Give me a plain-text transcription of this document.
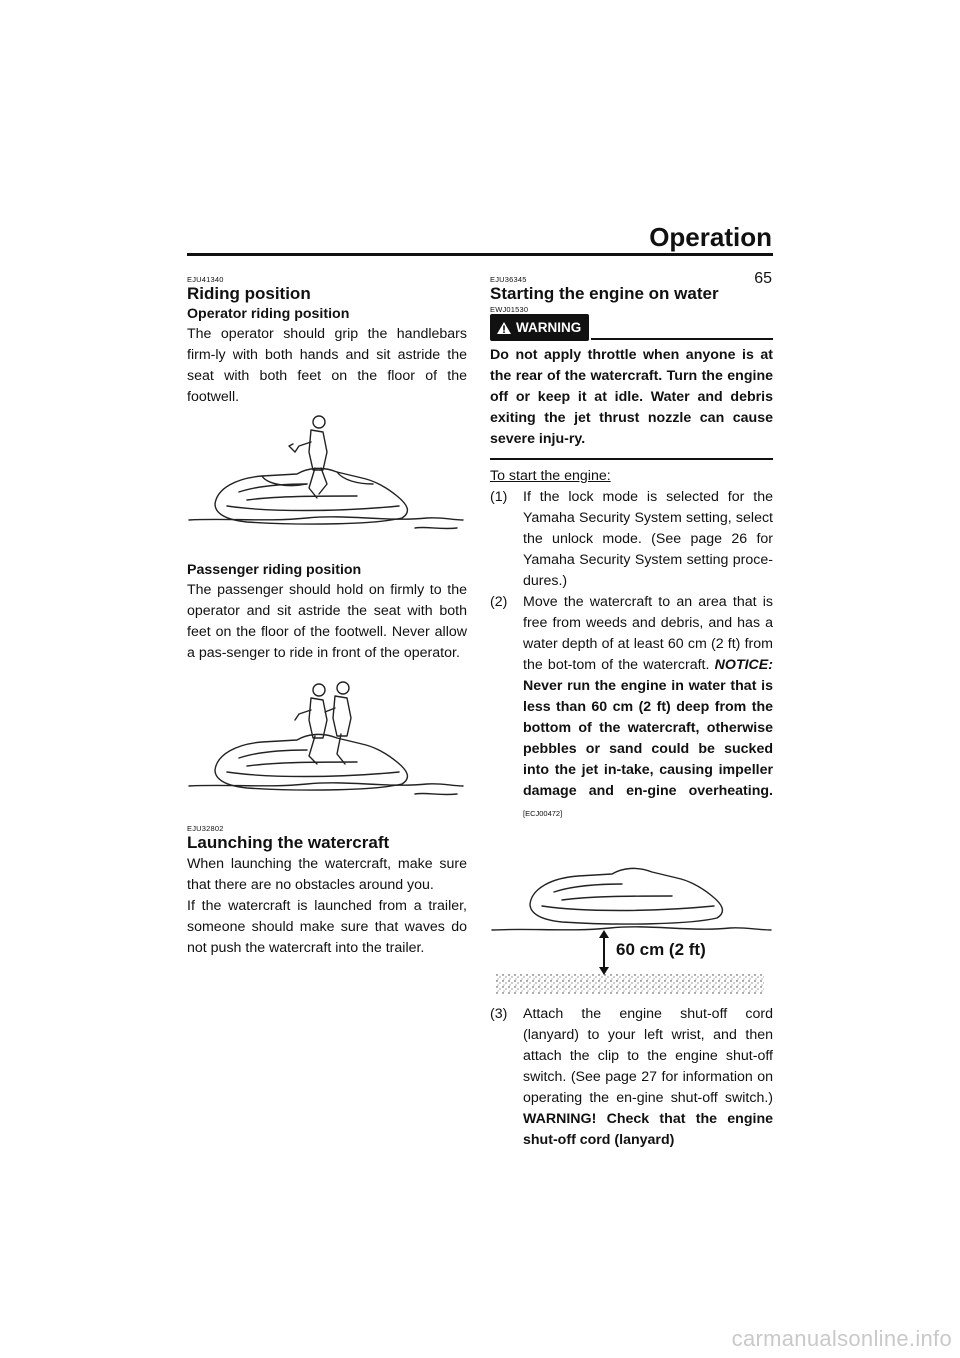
Operation
65
EJU41340
Riding position
Operator riding position

The operator should grip the handlebars firm-ly with both hands and sit astride the seat with both feet on the floor of the footwell.

Passenger riding position

The passenger should hold on firmly to the operator and sit astride the seat with both feet on the floor of the footwell. Never allow a pas-senger to ride in front of the operator.

EJU32802
Launching the watercraft

When launching the watercraft, make sure that there are no obstacles around you.

If the watercraft is launched from a trailer, someone should make sure that waves do not push the watercraft into the trailer.

EJU36345
Starting the engine on water
EWJ01530
WARNING
Do not apply throttle when anyone is at the rear of the watercraft. Turn the engine off or keep it at idle. Water and debris exiting the jet thrust nozzle can cause severe inju-ry.
To start the engine:
(1)	If the lock mode is selected for the Yamaha Security System setting, select the unlock mode. (See page 26 for Yamaha Security System setting proce-dures.)
(2)	Move the watercraft to an area that is free from weeds and debris, and has a water depth of at least 60 cm (2 ft) from the bot-tom of the watercraft. NOTICE: Never run the engine in water that is less than 60 cm (2 ft) deep from the bottom of the watercraft, otherwise pebbles or sand could be sucked into the jet in-take, causing impeller damage and en-gine overheating. [ECJ00472]
60 cm (2 ft)
(3)	Attach the engine shut-off cord (lanyard) to your left wrist, and then attach the clip to the engine shut-off switch. (See page 27 for information on operating the en-gine shut-off switch.) WARNING! Check that the engine shut-off cord (lanyard)
carmanualsonline.info
